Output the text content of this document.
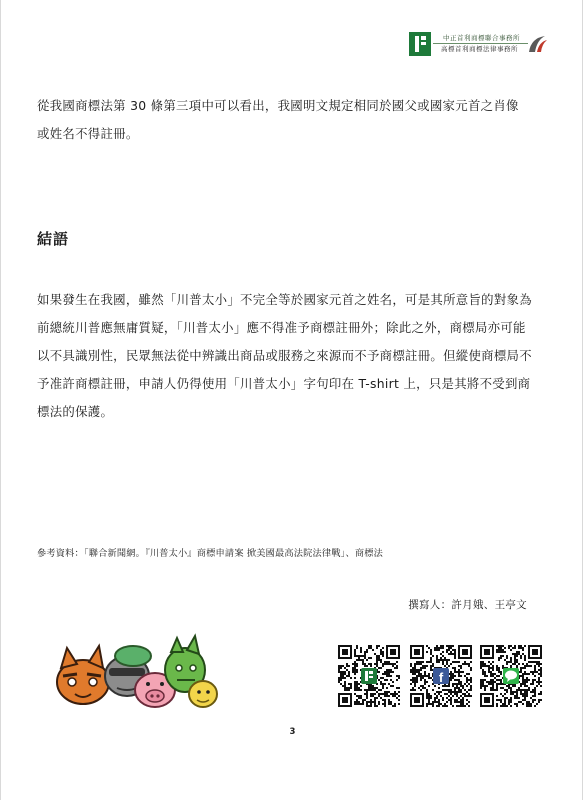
中正首利商標聯合事務所
高標首利商標法律事務所
從我國商標法第 30 條第三項中可以看出，我國明文規定相同於國父或國家元首之肖像
或姓名不得註冊。
結語
如果發生在我國，雖然「川普太小」不完全等於國家元首之姓名，可是其所意旨的對象為
前總統川普應無庸質疑，「川普太小」應不得准予商標註冊外；除此之外，商標局亦可能
以不具識別性，民眾無法從中辨識出商品或服務之來源而不予商標註冊。但縱使商標局不
予准許商標註冊，申請人仍得使用「川普太小」字句印在 T-shirt 上，只是其將不受到商
標法的保護。
參考資料：「聯合新聞網。『川普太小』商標申請案 掀美國最高法院法律戰」、商標法
撰寫人：許月娥、王亭文
f
3
